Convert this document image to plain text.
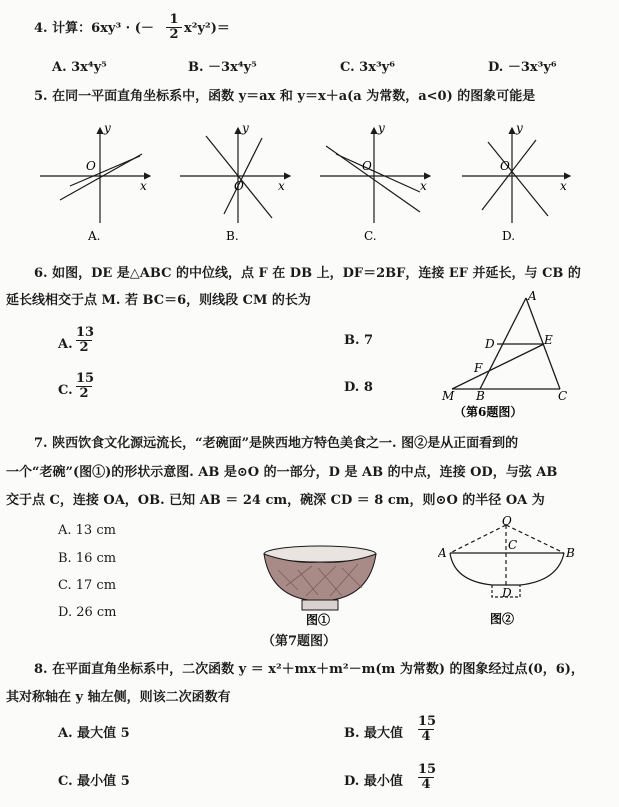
4. 计算：6xy³ · (－ $\frac{1}{2} x^2y^2)=$
A. 3x⁴y⁵	B. －3x⁴y⁵	C. 3x³y⁶	D. －3x³y⁶
5. 在同一平面直角坐标系中，函数 y＝ax 和 y＝x＋a(a 为常数，a<0) 的图象可能是
y
x
O
A.
y
x
O
B.
y
x
O
C.
y
x
O
D.
6. 如图，DE 是△ABC 的中位线，点 F 在 DB 上，DF＝2BF，连接 EF 并延长，与 CB 的
延长线相交于点 M. 若 BC＝6，则线段 CM 的长为
A. $\frac{13}{2}$	B. 7
C. $\frac{15}{2}$	D. 8
A
D	E
F
M B	C
（第6题图）
7. 陕西饮食文化源远流长，“老碗面”是陕西地方特色美食之一. 图②是从正面看到的
一个“老碗”(图①)的形状示意图. AB 是⊙O 的一部分，D 是 AB 的中点，连接 OD，与弦 AB
交于点 C，连接 OA，OB. 已知 AB ＝ 24 cm，碗深 CD ＝ 8 cm，则⊙O 的半径 OA 为
A. 13 cm
B. 16 cm
C. 17 cm
D. 26 cm	图①
O
A	B
C
D
图②
（第7题图）
8. 在平面直角坐标系中，二次函数 y ＝ x²＋mx＋m²－m(m 为常数) 的图象经过点(0，6)，
其对称轴在 y 轴左侧，则该二次函数有
A. 最大值 5	B. 最大值 $\frac{15}{4}$
C. 最小值 5	D. 最小值 $\frac{15}{4}$
